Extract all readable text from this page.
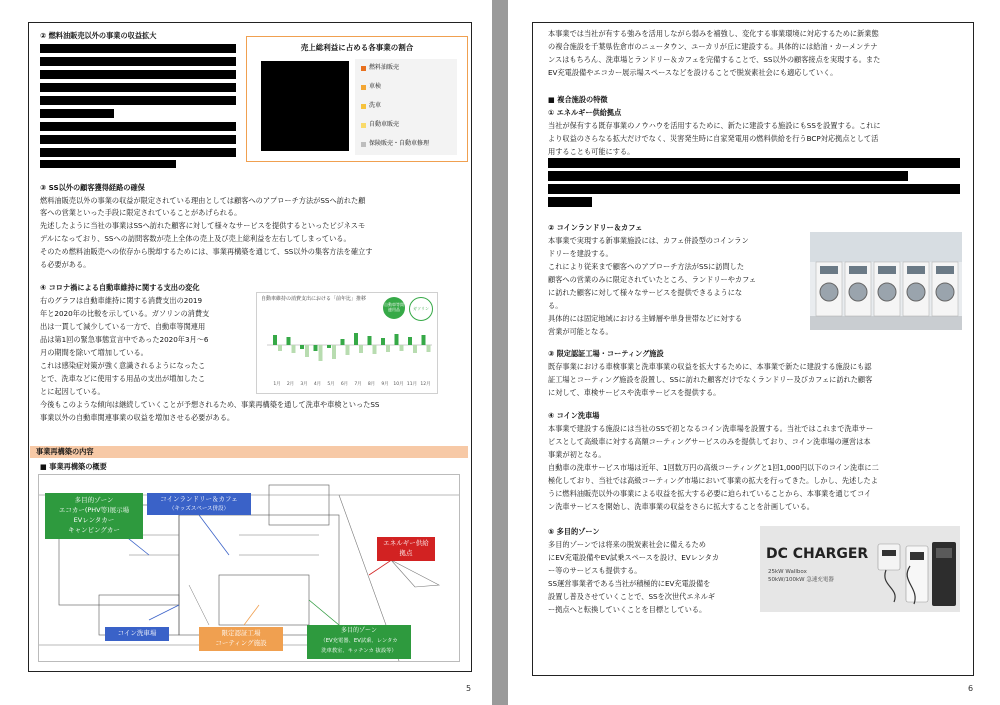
② 燃料油販売以外の事業の収益拡大
売上総利益に占める各事業の割合
燃料油販売
車検
洗車
自動車販売
保険販売・自動車修理
③ SS以外の顧客獲得経路の確保
燃料油販売以外の事業の収益が限定されている理由としては顧客へのアプローチ方法がSSへ訪れた顧
客への営業といった手段に限定されていることがあげられる。
先述したように当社の事業はSSへ訪れた顧客に対して様々なサービスを提供するといったビジネスモ
デルになっており、SSへの訪問客数が売上全体の売上及び売上総利益を左右してしまっている。
そのため燃料油販売への依存から脱却するためには、事業再構築を通じて、SS以外の集客方法を確立す
る必要がある。
④ コロナ禍による自動車維持に関する支出の変化
右のグラフは自動車維持に関する消費支出の2019
年と2020年の比較を示している。ガソリンの消費支
出は一貫して減少している一方で、自動車等関連用
品は第1回の緊急事態宣言中であった2020年3月～6
月の期間を除いて増加している。
これは感染症対策が強く意識されるようになったこ
とで、洗車などに使用する用品の支出が増加したこ
とに起因している。
今後もこのような傾向は継続していくことが予想されるため、事業再構築を通して洗車や車検といったSS
事業以外の自動車関連事業の収益を増加させる必要がある。
自動車維持の消費支出における「前年比」推移
自動車等関連用品	ガソリン
1月 2月 3月 4月 5月 6月 7月 8月 9月 10月 11月 12月
事業再構築の内容
■ 事業再構築の概要
多目的ゾーン
エコカー(PHV等)展示場
EVレンタカー
キャンピングカー
コインランドリー＆カフェ
（キッズスペース併設）
エネルギー供給
拠点
コイン洗車場	限定認証工場
コーティング施設
多目的ゾーン
（EV充電器、EV試乗、レンタカ
洗車教室、キッチンカ 抜設等）
5
本事業では当社が有する強みを活用しながら弱みを補強し、変化する事業環境に対応するために新業態
の複合施設を千葉県佐倉市のニュータウン、ユーカリが丘に建設する。具体的には給油・カーメンテナ
ンスはもちろん、洗車場とランドリー＆カフェを完備することで、SS以外の顧客接点を実現する。また
EV充電設備やエコカー展示場スペースなどを設けることで脱炭素社会にも適応していく。
■ 複合施設の特徴
① エネルギー供給拠点
当社が保有する既存事業のノウハウを活用するために、新たに建設する施設にもSSを設置する。これに
より収益のさらなる拡大だけでなく、災害発生時に自家発電用の燃料供給を行うBCP対応拠点として活
用することも可能にする。
② コインランドリー＆カフェ
本事業で実現する新事業施設には、カフェ併設型のコインラン
ドリーを建設する。
これにより従来まで顧客へのアプローチ方法がSSに訪問した
顧客への営業のみに限定されていたところ、ランドリーやカフェ
に訪れた顧客に対して様々なサービスを提供できるようにな
る。
具体的には固定地域における主婦層や単身世帯などに対する
営業が可能となる。
③ 限定認証工場・コーティング施設
既存事業における車検事業と洗車事業の収益を拡大するために、本事業で新たに建設する施設にも認
証工場とコーティング施設を設置し、SSに訪れた顧客だけでなくランドリー及びカフェに訪れた顧客
に対して、車検サービスや洗車サービスを提供する。
④ コイン洗車場
本事業で建設する施設には当社のSSで初となるコイン洗車場を設置する。当社ではこれまで洗車サー
ビスとして高級車に対する高額コーティングサービスのみを提供しており、コイン洗車場の運営は本
事業が初となる。
自動車の洗車サービス市場は近年、1回数万円の高級コーティングと1回1,000円以下のコイン洗車に二
極化しており、当社では高級コーティング市場において事業の拡大を行ってきた。しかし、先述したよ
うに燃料油販売以外の事業による収益を拡大する必要に迫られていることから、本事業を通じてコイ
ン洗車サービスを開始し、洗車事業の収益をさらに拡大することを計画している。
⑤ 多目的ゾーン
多目的ゾーンでは将来の脱炭素社会に備えるため
にEV充電設備やEV試乗スペースを設け、EVレンタカ
ー等のサービスも提供する。
SS運営事業者である当社が積極的にEV充電設備を
設置し普及させていくことで、SSを次世代エネルギ
ー拠点へと転換していくことを目標としている。
DC CHARGER
25kW Wallbox
50kW/100kW 急速充電器
6
